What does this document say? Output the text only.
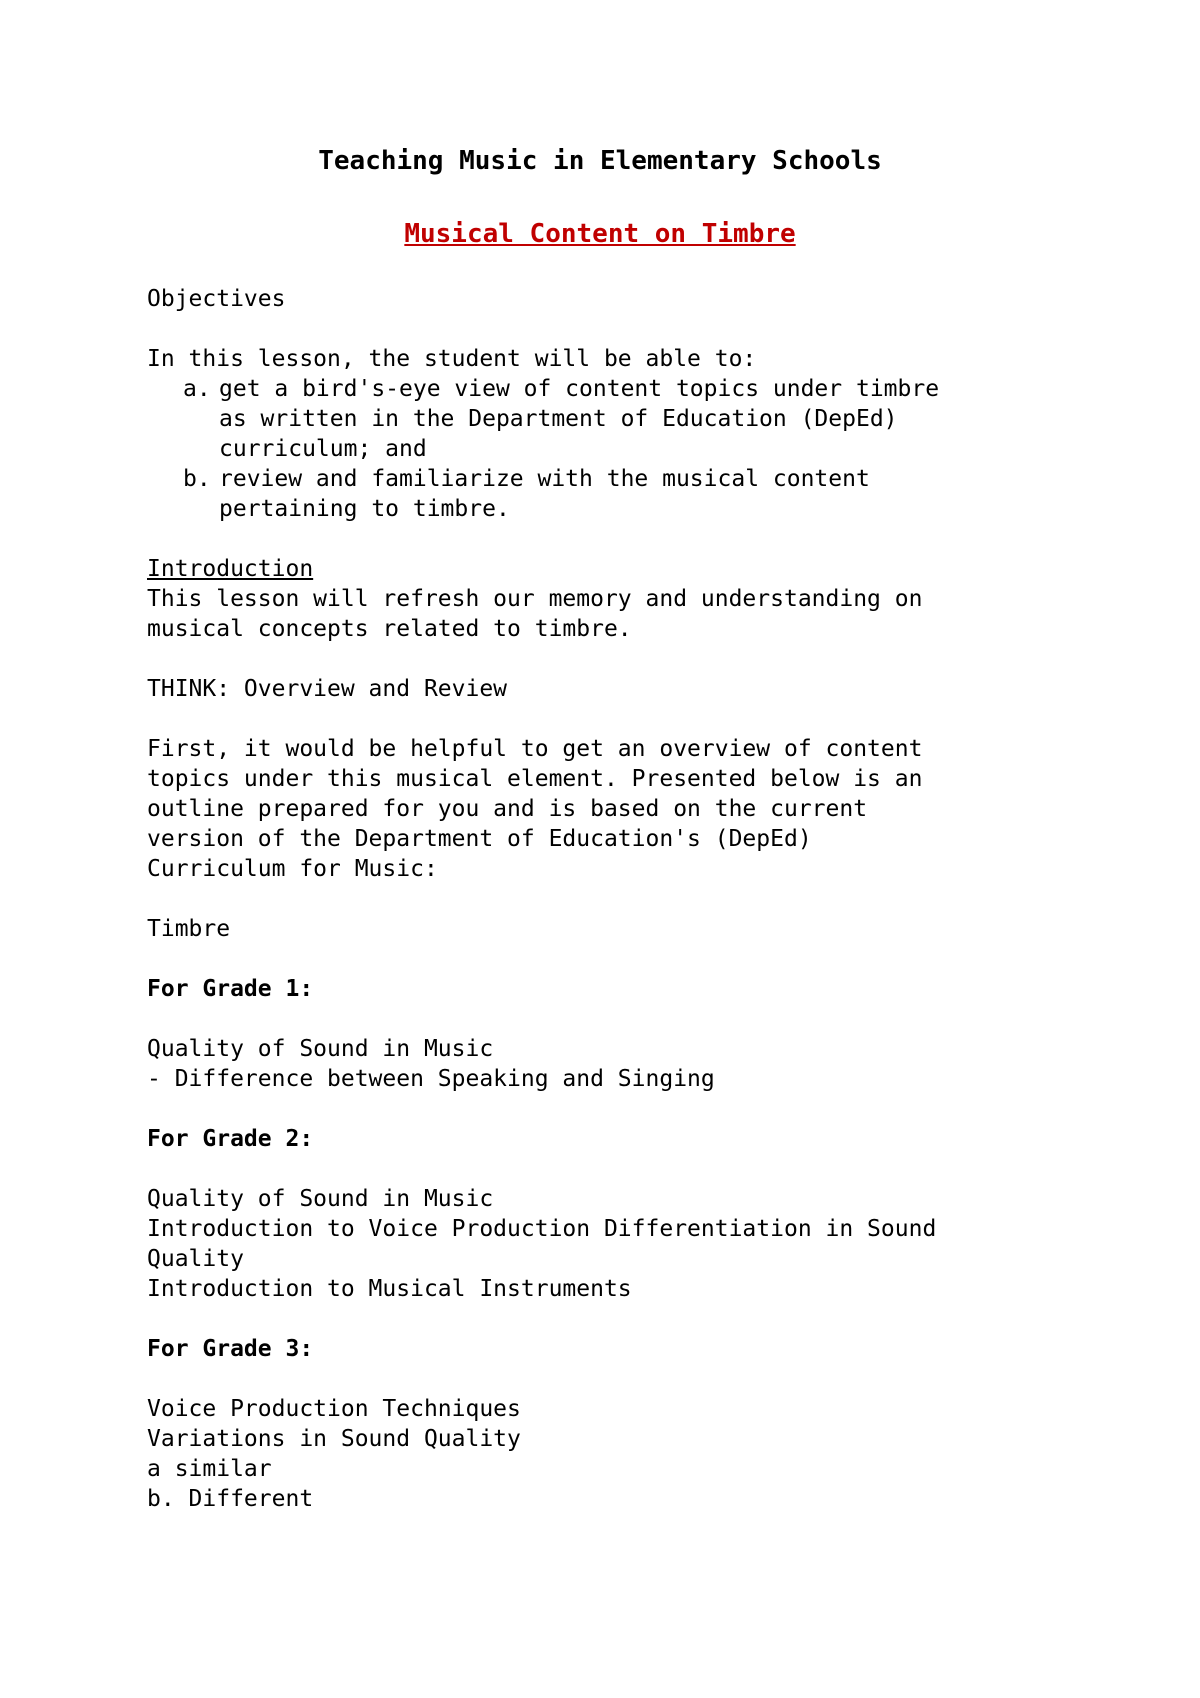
Teaching Music in Elementary Schools
Musical Content on Timbre
Objectives
In this lesson, the student will be able to:
a. get a bird's-eye view of content topics under timbre
as written in the Department of Education (DepEd)
curriculum; and
b. review and familiarize with the musical content
pertaining to timbre.
Introduction
This lesson will refresh our memory and understanding on
musical concepts related to timbre.
THINK: Overview and Review
First, it would be helpful to get an overview of content
topics under this musical element. Presented below is an
outline prepared for you and is based on the current
version of the Department of Education's (DepEd)
Curriculum for Music:
Timbre
For Grade 1:
Quality of Sound in Music
- Difference between Speaking and Singing
For Grade 2:
Quality of Sound in Music
Introduction to Voice Production Differentiation in Sound
Quality
Introduction to Musical Instruments
For Grade 3:
Voice Production Techniques
Variations in Sound Quality
a similar
b. Different
